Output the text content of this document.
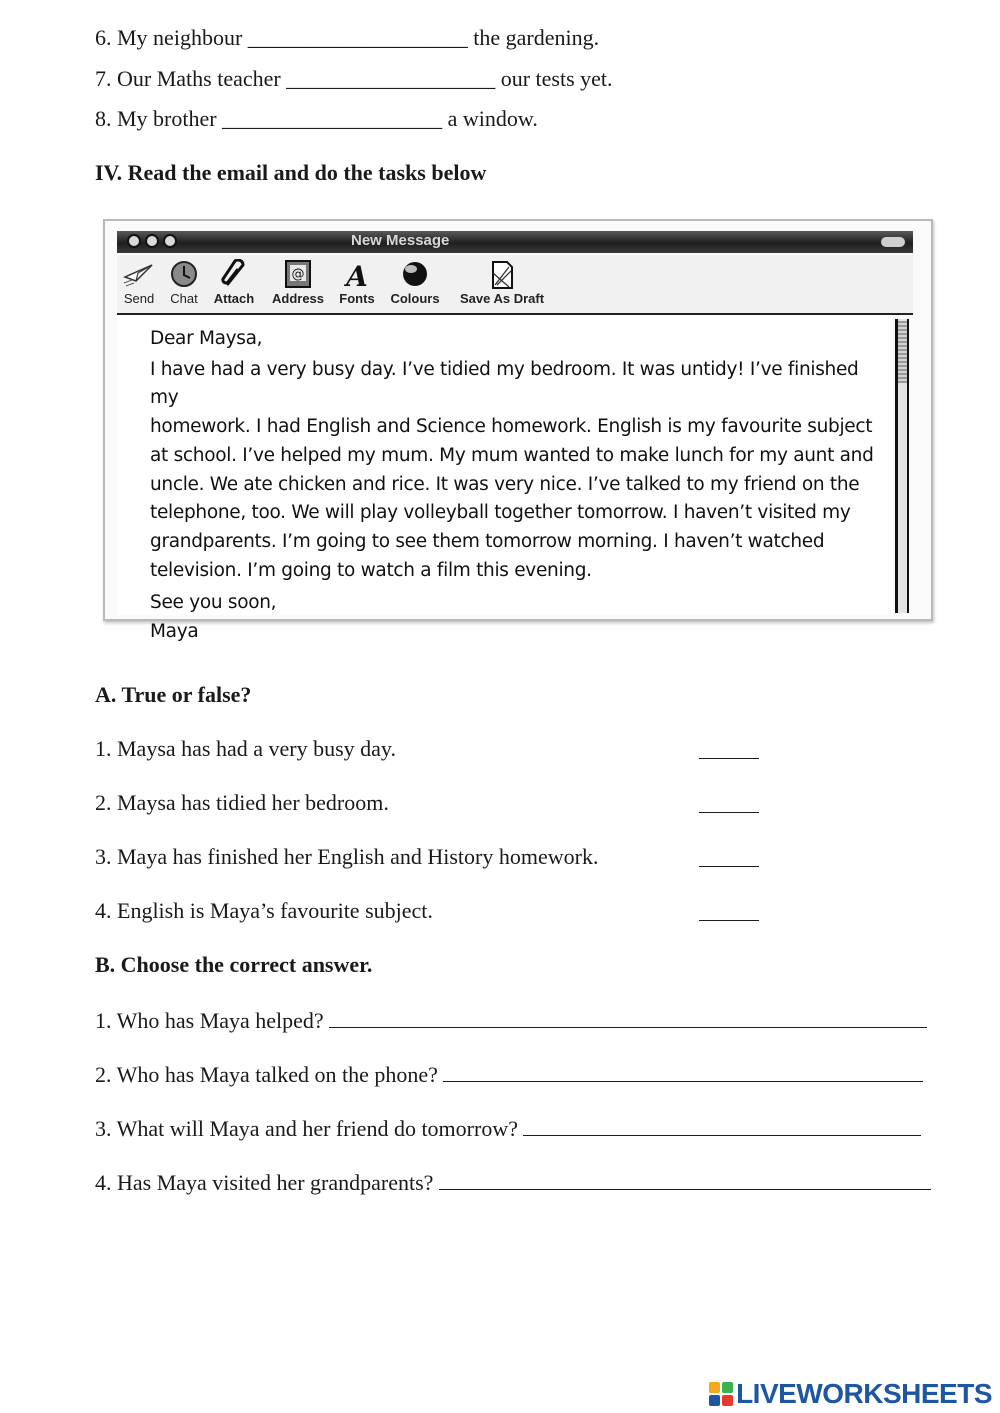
6. My neighbour ____________________ the gardening.
7. Our Maths teacher ___________________ our tests yet.
8. My brother ____________________ a window.
IV. Read the email and do the tasks below
New Message
Send	Chat	Attach
@
Address
A
Fonts	Colours	Save As Draft

Dear Maysa,

I have had a very busy day. I’ve tidied my bedroom. It was untidy! I’ve finished my

homework. I had English and Science homework. English is my favourite subject

at school. I’ve helped my mum. My mum wanted to make lunch for my aunt and

uncle. We ate chicken and rice. It was very nice. I’ve talked to my friend on the

telephone, too. We will play volleyball together tomorrow. I haven’t visited my

grandparents. I’m going to see them tomorrow morning. I haven’t watched

television. I’m going to watch a film this evening.

See you soon,

Maya

A. True or false?
1. Maysa has had a very busy day.
2. Maysa has tidied her bedroom.
3. Maya has finished her English and History homework.
4. English is Maya’s favourite subject.
B. Choose the correct answer.
1. Who has Maya helped?
2. Who has Maya talked on the phone?
3. What will Maya and her friend do tomorrow?
4. Has Maya visited her grandparents?
LIVEWORKSHEETS
